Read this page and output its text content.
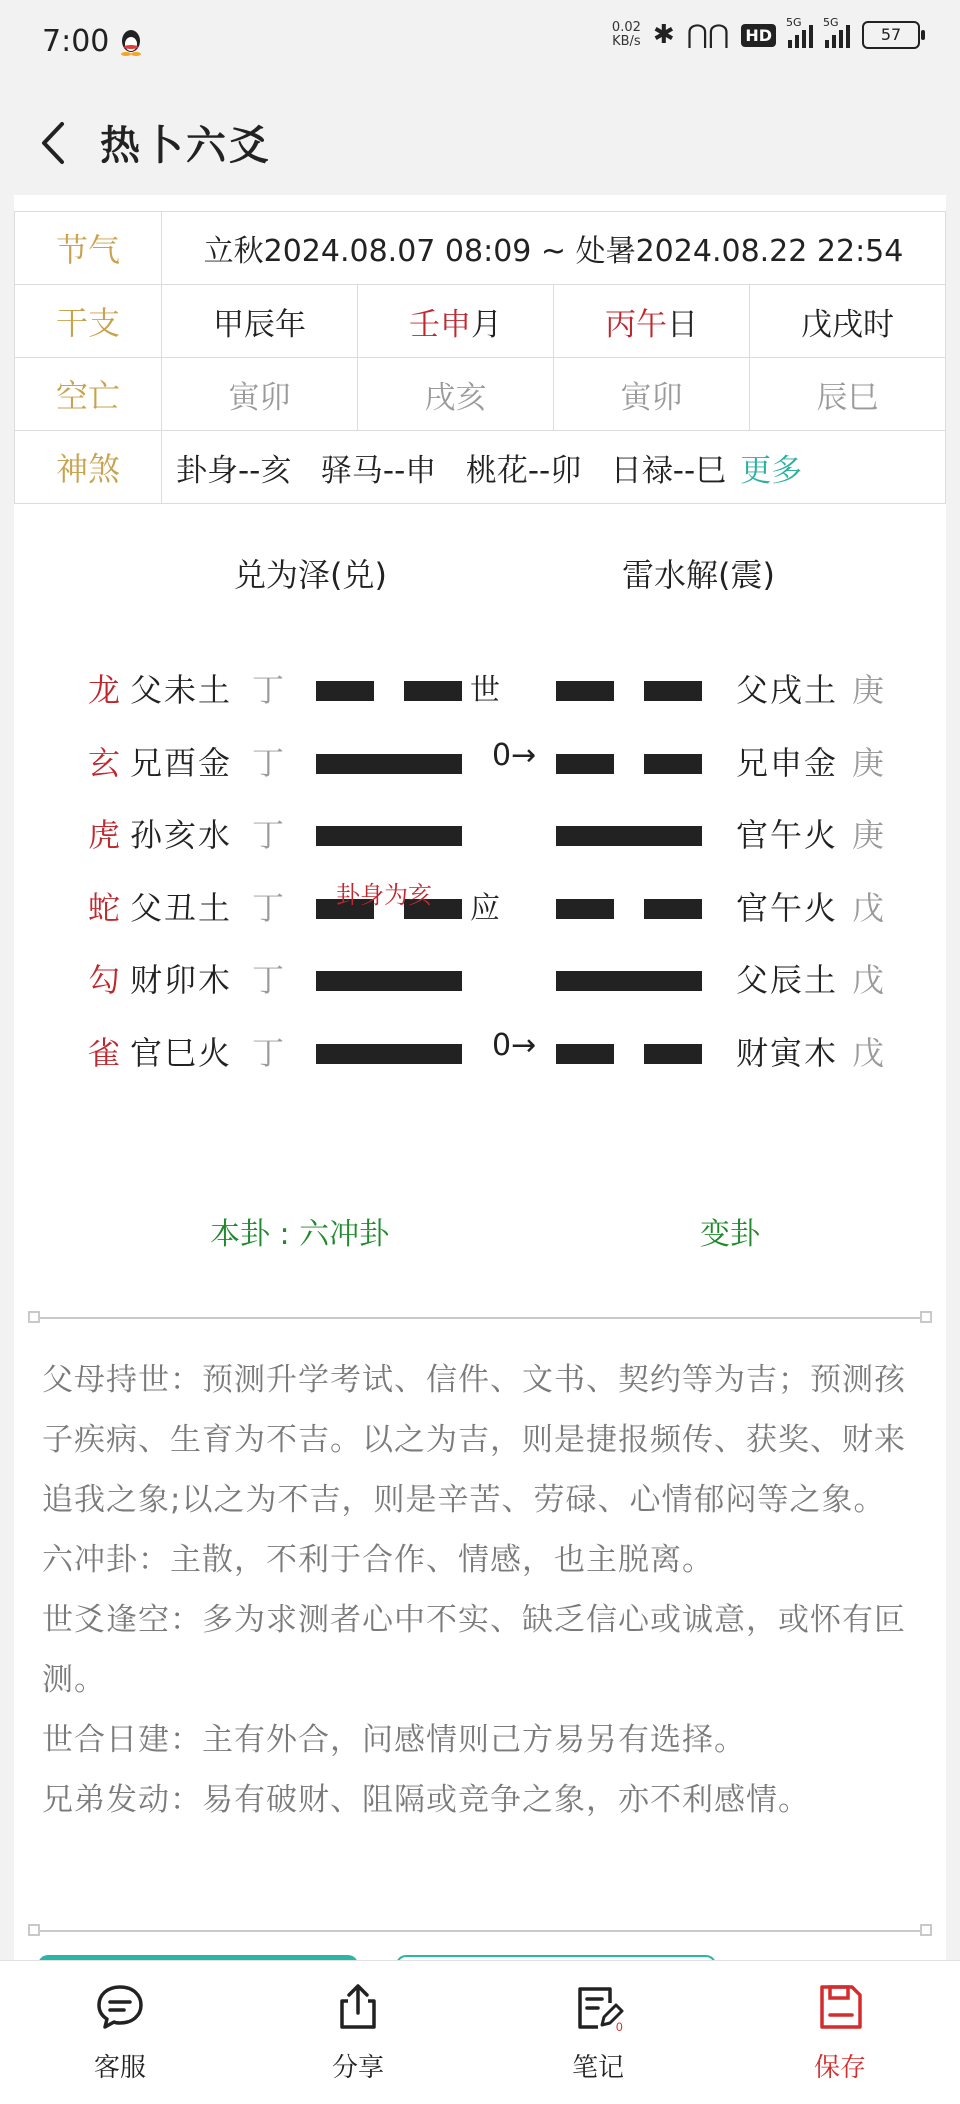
7:00	0.02
KB/s ✱ ⋂⋂ HD
5G 5G
57
热卜六爻
节气	立秋2024.08.07 08:09 ~ 处暑2024.08.22 22:54			
干支	甲辰年	壬申月	丙午日	戊戌时
空亡	寅卯	戌亥	寅卯	辰巳
神煞	卦身--亥   驿马--申   桃花--卯   日禄--巳 更多			
兑为泽(兑)	雷水解(震)
龙 父未土 丁	世	父戌土 庚
玄 兄酉金 丁	0→	兄申金 庚
虎 孙亥水 丁	官午火 庚
蛇 父丑土 丁	应	官午火 戊
勾 财卯木 丁	父辰土 戊
雀 官巳火 丁	0→	财寅木 戊
卦身为亥
本卦 : 六冲卦	变卦

父母持世：预测升学考试、信件、文书、契约等为吉；预测孩子疾病、生育为不吉。以之为吉，则是捷报频传、获奖、财来追我之象;以之为不吉，则是辛苦、劳碌、心情郁闷等之象。

六冲卦：主散，不利于合作、情感，也主脱离。

世爻逢空：多为求测者心中不实、缺乏信心或诚意，或怀有叵测。

世合日建：主有外合，问感情则己方易另有选择。

兄弟发动：易有破财、阻隔或竞争之象，亦不利感情。

客服	分享
0
笔记	保存
